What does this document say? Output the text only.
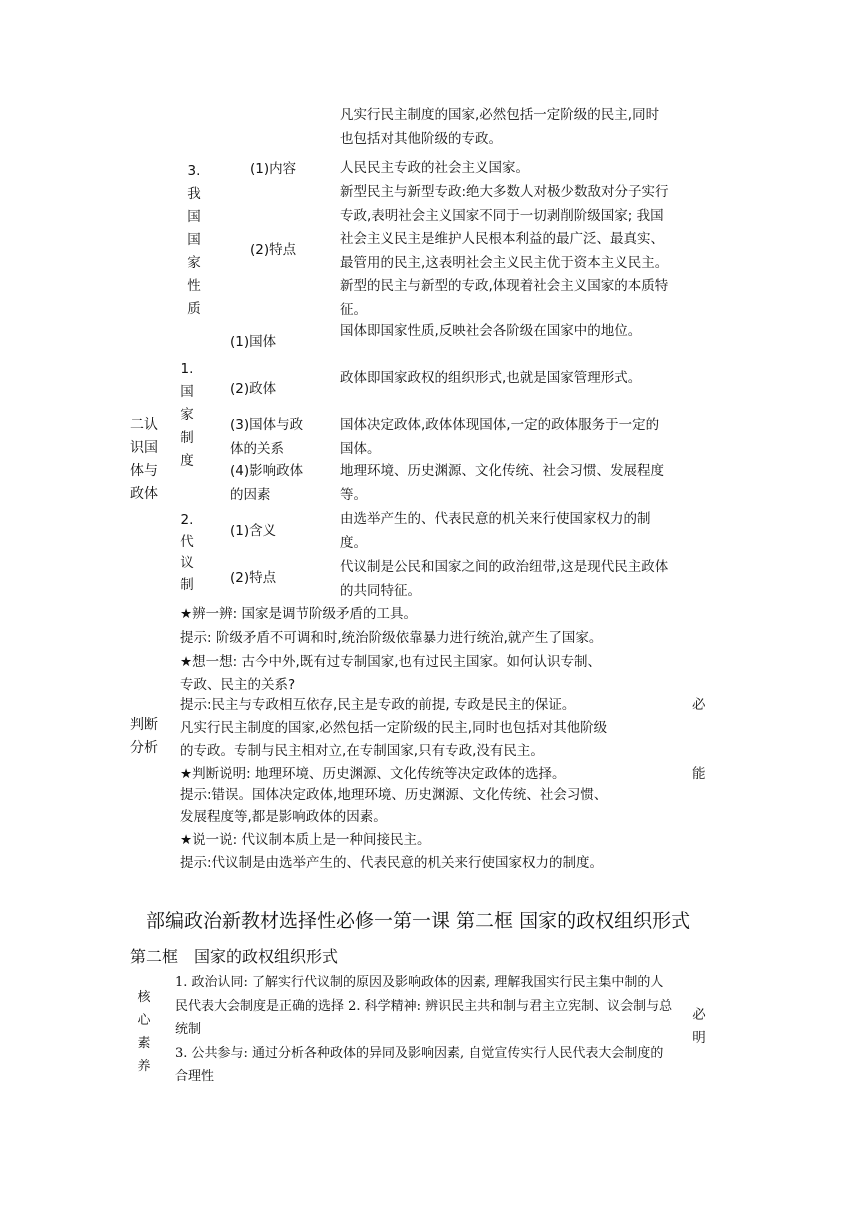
凡实行民主制度的国家,必然包括一定阶级的民主,同时也包括对其他阶级的专政。
3.我国国家性质
(1)内容	人民民主专政的社会主义国家。
(2)特点
新型民主与新型专政:绝大多数人对极少数敌对分子实行专政,表明社会主义国家不同于一切剥削阶级国家; 我国社会主义民主是维护人民根本利益的最广泛、最真实、最管用的民主,这表明社会主义民主优于资本主义民主。 新型的民主与新型的专政,体现着社会主义国家的本质特征。
二认识国体与政体
1.国家制度
(1)国体
国体即国家性质,反映社会各阶级在国家中的地位。
(2)政体
政体即国家政权的组织形式,也就是国家管理形式。
(3)国体与政体的关系
国体决定政体,政体体现国体,一定的政体服务于一定的国体。
(4)影响政体的因素
地理环境、历史渊源、文化传统、社会习惯、发展程度等。
2.代议制
(1)含义
由选举产生的、代表民意的机关来行使国家权力的制度。
(2)特点
代议制是公民和国家之间的政治纽带,这是现代民主政体的共同特征。
判断分析
★辨一辨: 国家是调节阶级矛盾的工具。
提示: 阶级矛盾不可调和时,统治阶级依靠暴力进行统治,就产生了国家。
★想一想: 古今中外,既有过专制国家,也有过民主国家。如何认识专制、
专政、民主的关系?
提示:民主与专政相互依存,民主是专政的前提, 专政是民主的保证。
凡实行民主制度的国家,必然包括一定阶级的民主,同时也包括对其他阶级
的专政。专制与民主相对立,在专制国家,只有专政,没有民主。
★判断说明: 地理环境、历史渊源、文化传统等决定政体的选择。
提示:错误。国体决定政体,地理环境、历史渊源、文化传统、社会习惯、
发展程度等,都是影响政体的因素。
★说一说: 代议制本质上是一种间接民主。
提示:代议制是由选举产生的、代表民意的机关来行使国家权力的制度。
必
能
部编政治新教材选择性必修一第一课 第二框 国家的政权组织形式
第二框　国家的政权组织形式
核心素养
1. 政治认同: 了解实行代议制的原因及影响政体的因素, 理解我国实行民主集中制的人民代表大会制度是正确的选择 2. 科学精神: 辨识民主共和制与君主立宪制、议会制与总统制
3. 公共参与: 通过分析各种政体的异同及影响因素, 自觉宣传实行人民代表大会制度的合理性
必明
